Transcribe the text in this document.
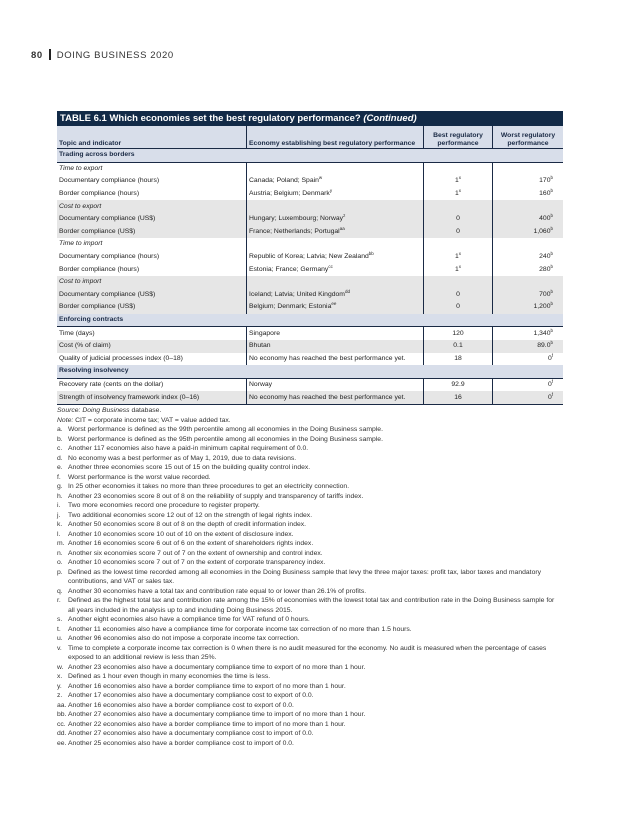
80 DOING BUSINESS 2020
TABLE 6.1 Which economies set the best regulatory performance? (Continued)			
Topic and indicator	Economy establishing best regulatory performance	Best regulatory performance	Worst regulatory performance
Trading across borders			
Time to export			
Documentary compliance (hours)	Canada; Poland; Spain$^w$	1$^x$	170$^b$
Border compliance (hours)	Austria; Belgium; Denmark$^y$	1$^x$	160$^b$
Cost to export			
Documentary compliance (US$)	Hungary; Luxembourg; Norway$^z$	0	400$^b$
Border compliance (US$)	France; Netherlands; Portugal$^{aa}$	0	1,060$^b$
Time to import			
Documentary compliance (hours)	Republic of Korea; Latvia; New Zealand$^{bb}$	1$^x$	240$^b$
Border compliance (hours)	Estonia; France; Germany$^{cc}$	1$^x$	280$^b$
Cost to import			
Documentary compliance (US$)	Iceland; Latvia; United Kingdom$^{dd}$	0	700$^b$
Border compliance (US$)	Belgium; Denmark; Estonia$^{ee}$	0	1,200$^b$
Enforcing contracts			
Time (days)	Singapore	120	1,340$^b$
Cost (% of claim)	Bhutan	0.1	89.0$^b$
Quality of judicial processes index (0–18)	No economy has reached the best performance yet.	18	0$^f$
Resolving insolvency			
Recovery rate (cents on the dollar)	Norway	92.9	0$^f$
Strength of insolvency framework index (0–16)	No economy has reached the best performance yet.	16	0$^f$
Source: Doing Business database.
Note: CIT = corporate income tax; VAT = value added tax.
a. Worst performance is defined as the 99th percentile among all economies in the Doing Business sample.
b. Worst performance is defined as the 95th percentile among all economies in the Doing Business sample.
c. Another 117 economies also have a paid-in minimum capital requirement of 0.0.
d. No economy was a best performer as of May 1, 2019, due to data revisions.
e. Another three economies score 15 out of 15 on the building quality control index.
f.	Worst performance is the worst value recorded.
g. In 25 other economies it takes no more than three procedures to get an electricity connection.
h. Another 23 economies score 8 out of 8 on the reliability of supply and transparency of tariffs index.
i.	Two more economies record one procedure to register property.
j.	Two additional economies score 12 out of 12 on the strength of legal rights index.
k. Another 50 economies score 8 out of 8 on the depth of credit information index.
l.	Another 10 economies score 10 out of 10 on the extent of disclosure index.
m. Another 16 economies score 6 out of 6 on the extent of shareholders rights index.
n. Another six economies score 7 out of 7 on the extent of ownership and control index.
o. Another 10 economies score 7 out of 7 on the extent of corporate transparency index.
p. Defined as the lowest time recorded among all economies in the Doing Business sample that levy the three major taxes: profit tax, labor taxes and mandatory contributions, and VAT or sales tax.
q. Another 30 economies have a total tax and contribution rate equal to or lower than 26.1% of profits.
r.	Defined as the highest total tax and contribution rate among the 15% of economies with the lowest total tax and contribution rate in the Doing Business sample for all years included in the analysis up to and including Doing Business 2015.
s. Another eight economies also have a compliance time for VAT refund of 0 hours.
t.	Another 11 economies also have a compliance time for corporate income tax correction of no more than 1.5 hours.
u. Another 96 economies also do not impose a corporate income tax correction.
v. Time to complete a corporate income tax correction is 0 when there is no audit measured for the economy. No audit is measured when the percentage of cases exposed to an additional review is less than 25%.
w. Another 23 economies also have a documentary compliance time to export of no more than 1 hour.
x. Defined as 1 hour even though in many economies the time is less.
y. Another 16 economies also have a border compliance time to export of no more than 1 hour.
z. Another 17 economies also have a documentary compliance cost to export of 0.0.
aa. Another 16 economies also have a border compliance cost to export of 0.0.
bb. Another 27 economies also have a documentary compliance time to import of no more than 1 hour.
cc. Another 22 economies also have a border compliance time to import of no more than 1 hour.
dd. Another 27 economies also have a documentary compliance cost to import of 0.0.
ee. Another 25 economies also have a border compliance cost to import of 0.0.
